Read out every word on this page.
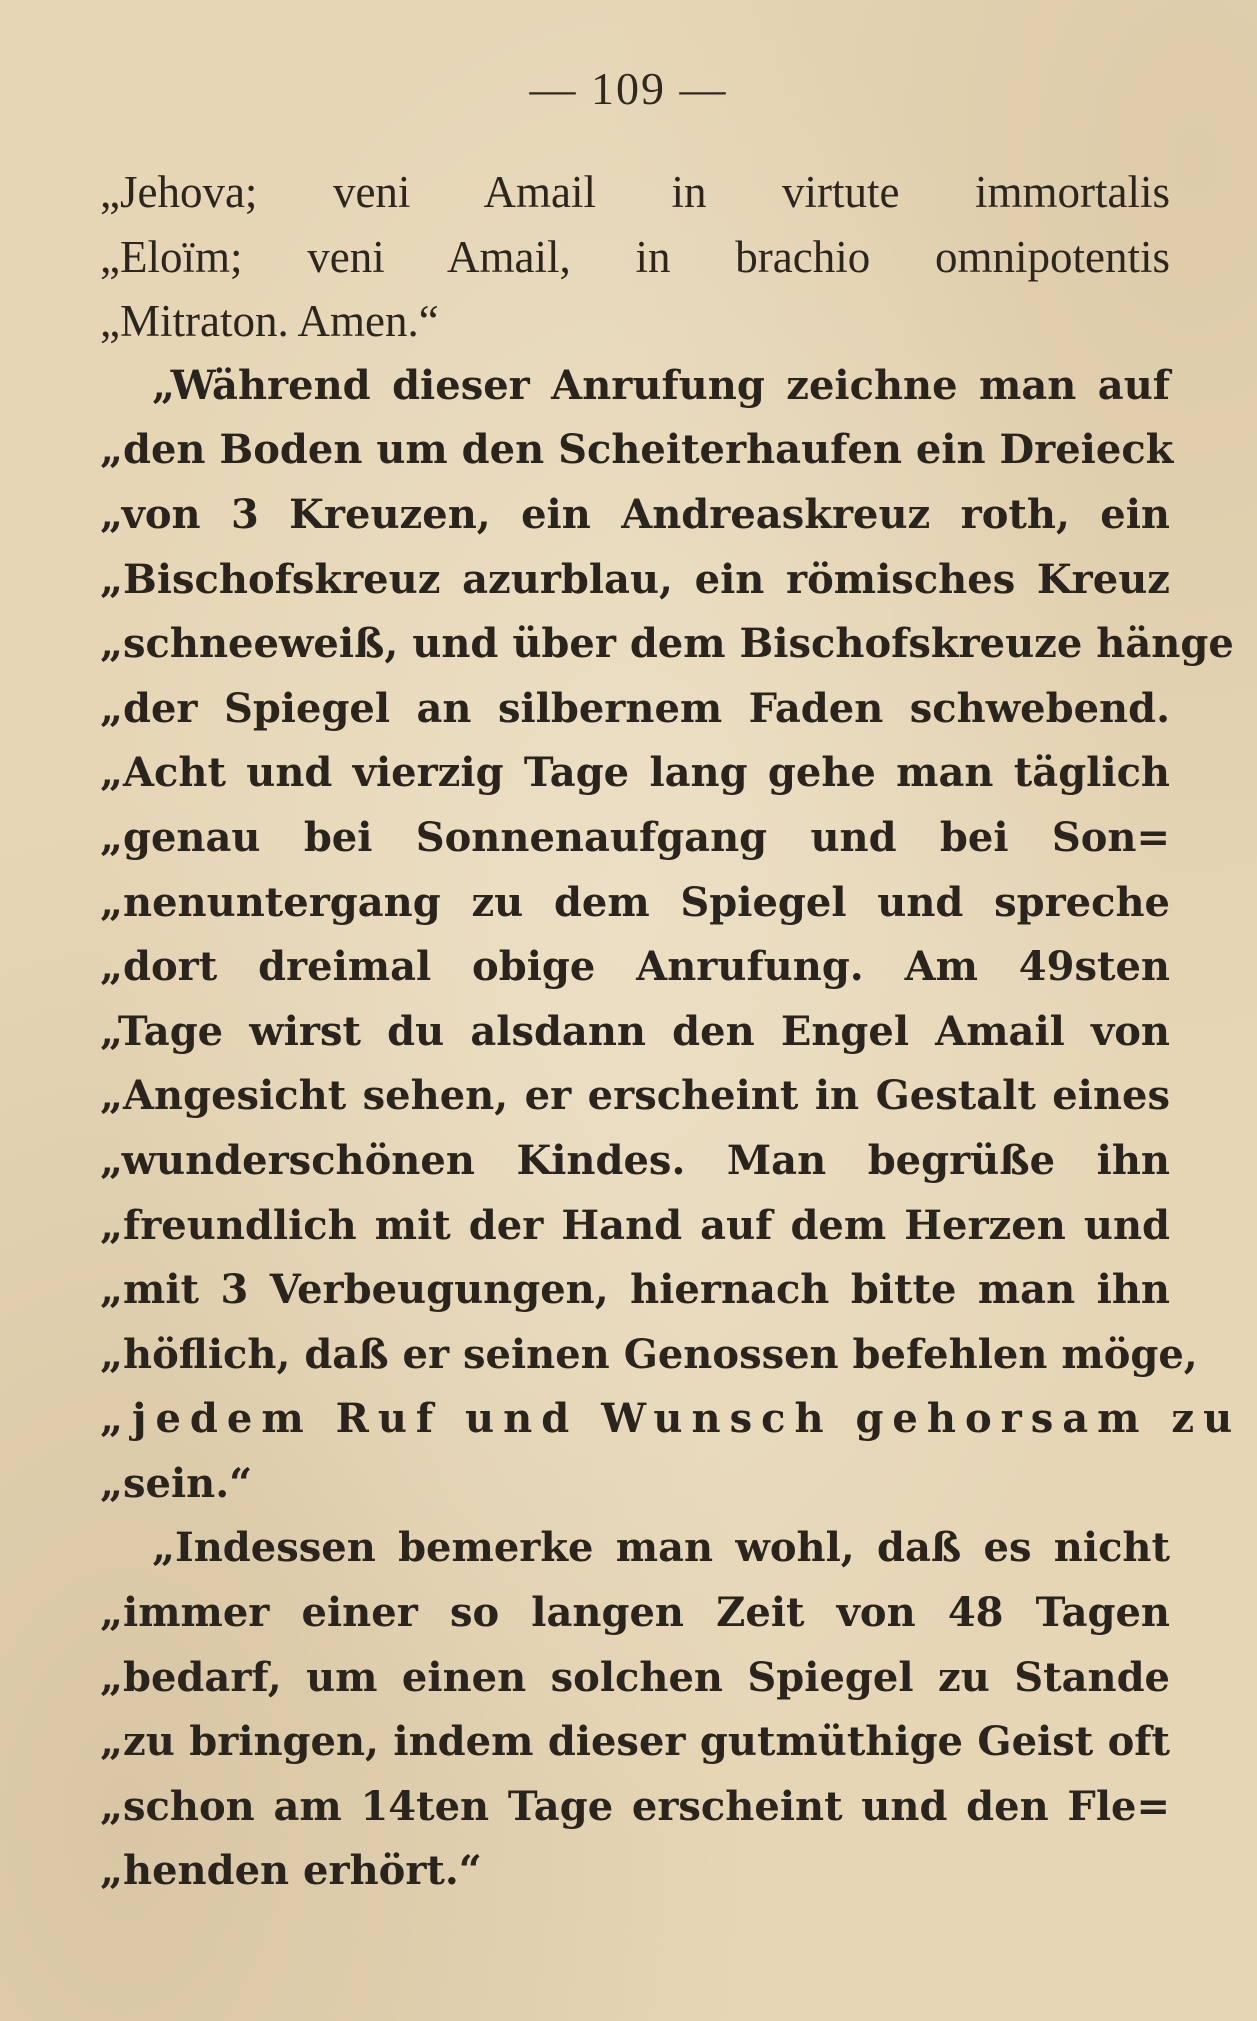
— 109 —
„Jehova; veni Amail in virtute immortalis
„Eloïm; veni Amail, in brachio omnipotentis
„Mitraton. Amen.“
„Während dieser Anrufung zeichne man auf
„den Boden um den Scheiterhaufen ein Dreieck
„von 3 Kreuzen, ein Andreaskreuz roth, ein
„Bischofskreuz azurblau, ein römisches Kreuz
„schneeweiß, und über dem Bischofskreuze hänge
„der Spiegel an silbernem Faden schwebend.
„Acht und vierzig Tage lang gehe man täglich
„genau bei Sonnenaufgang und bei Son=
„nenuntergang zu dem Spiegel und spreche
„dort dreimal obige Anrufung. Am 49sten
„Tage wirst du alsdann den Engel Amail von
„Angesicht sehen, er erscheint in Gestalt eines
„wunderschönen Kindes. Man begrüße ihn
„freundlich mit der Hand auf dem Herzen und
„mit 3 Verbeugungen, hiernach bitte man ihn
„höflich, daß er seinen Genossen befehlen möge,
„jedem Ruf und Wunsch gehorsam zu
„sein.“
„Indessen bemerke man wohl, daß es nicht
„immer einer so langen Zeit von 48 Tagen
„bedarf, um einen solchen Spiegel zu Stande
„zu bringen, indem dieser gutmüthige Geist oft
„schon am 14ten Tage erscheint und den Fle=
„henden erhört.“
